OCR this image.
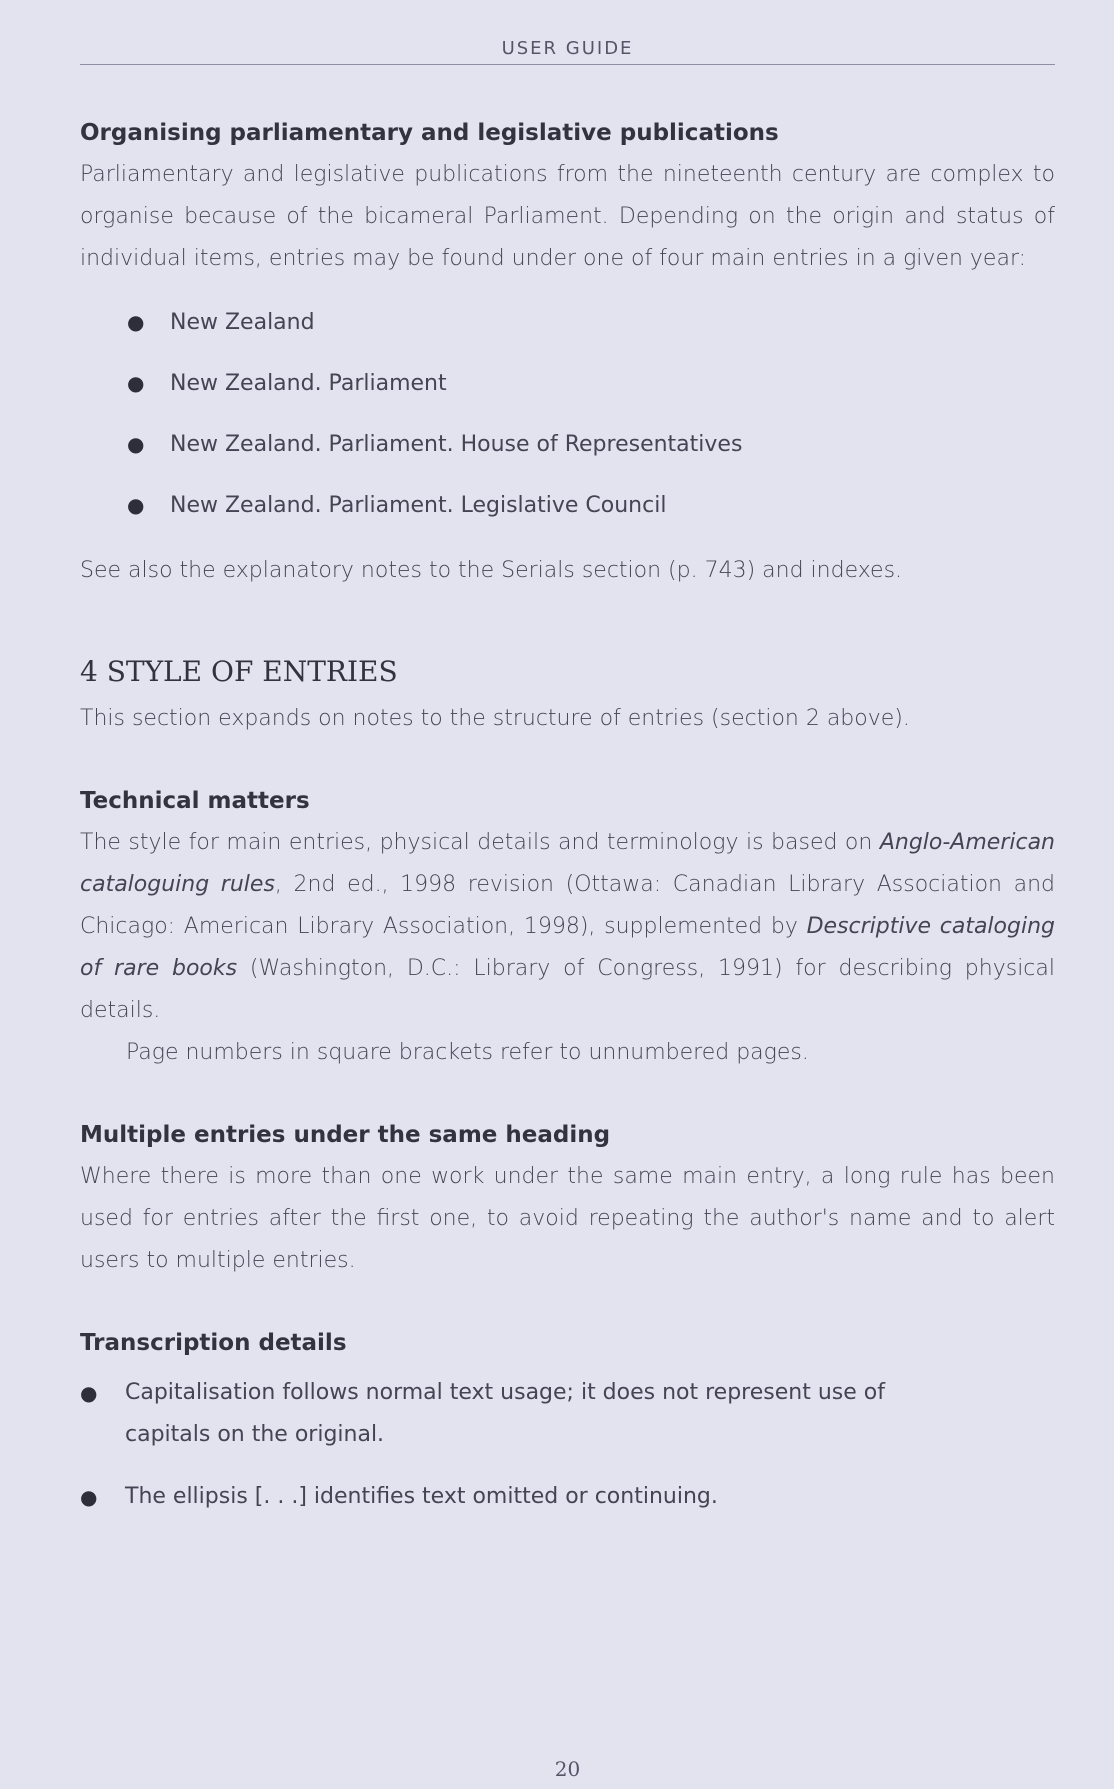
USER GUIDE
Organising parliamentary and legislative publications

Parliamentary and legislative publications from the nineteenth century are complex to organise because of the bicameral Parliament. Depending on the origin and status of individual items, entries may be found under one of four main entries in a given year:

● New Zealand
● New Zealand. Parliament
● New Zealand. Parliament. House of Representatives
● New Zealand. Parliament. Legislative Council

See also the explanatory notes to the Serials section (p. 743) and indexes.

4 STYLE OF ENTRIES

This section expands on notes to the structure of entries (section 2 above).

Technical matters

The style for main entries, physical details and terminology is based on Anglo-American cataloguing rules, 2nd ed., 1998 revision (Ottawa: Canadian Library Association and Chicago: American Library Association, 1998), supplemented by Descriptive cataloging of rare books (Washington, D.C.: Library of Congress, 1991) for describing physical details.

Page numbers in square brackets refer to unnumbered pages.

Multiple entries under the same heading

Where there is more than one work under the same main entry, a long rule has been used for entries after the first one, to avoid repeating the author's name and to alert users to multiple entries.

Transcription details
● Capitalisation follows normal text usage; it does not represent use of capitals on the original.
● The ellipsis [. . .] identifies text omitted or continuing.
20
